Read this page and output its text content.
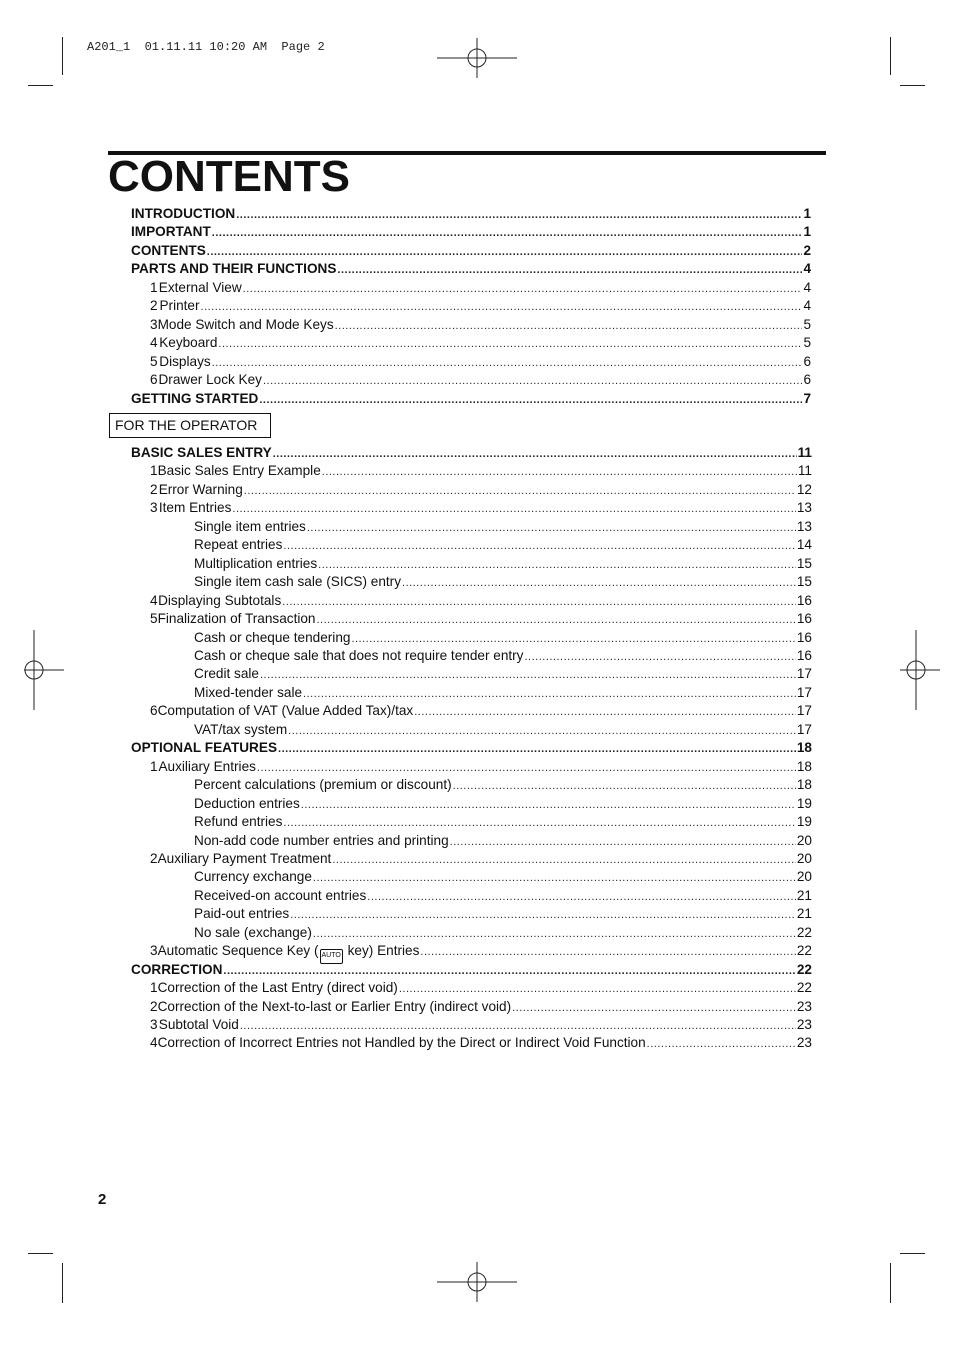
A201_1  01.11.11 10:20 AM  Page 2
CONTENTS
FOR THE OPERATOR
INTRODUCTION .....	1
IMPORTANT .....	1
CONTENTS .....	2
PARTS AND THEIR FUNCTIONS .....	4
1 External View .....	4
2 Printer .....	4
3 Mode Switch and Mode Keys .....	5
4 Keyboard .....	5
5 Displays .....	6
6 Drawer Lock Key .....	6
GETTING STARTED .....	7
BASIC SALES ENTRY .....	11
1 Basic Sales Entry Example .....	11
2 Error Warning .....	12
3 Item Entries .....	13
Single item entries .....	13
Repeat entries .....	14
Multiplication entries .....	15
Single item cash sale (SICS) entry .....	15
4 Displaying Subtotals .....	16
5 Finalization of Transaction .....	16
Cash or cheque tendering .....	16
Cash or cheque sale that does not require tender entry .....	16
Credit sale .....	17
Mixed-tender sale .....	17
6 Computation of VAT (Value Added Tax)/tax .....	17
VAT/tax system .....	17
OPTIONAL FEATURES .....	18
1 Auxiliary Entries .....	18
Percent calculations (premium or discount) .....	18
Deduction entries .....	19
Refund entries .....	19
Non-add code number entries and printing .....	20
2 Auxiliary Payment Treatment .....	20
Currency exchange .....	20
Received-on account entries .....	21
Paid-out entries .....	21
No sale (exchange) .....	22
3 Automatic Sequence Key ( AUTO key) Entries .....	22
CORRECTION .....	22
1 Correction of the Last Entry (direct void) .....	22
2 Correction of the Next-to-last or Earlier Entry (indirect void) .....	23
3 Subtotal Void .....	23
4 Correction of Incorrect Entries not Handled by the Direct or Indirect Void Function .....	23
2
